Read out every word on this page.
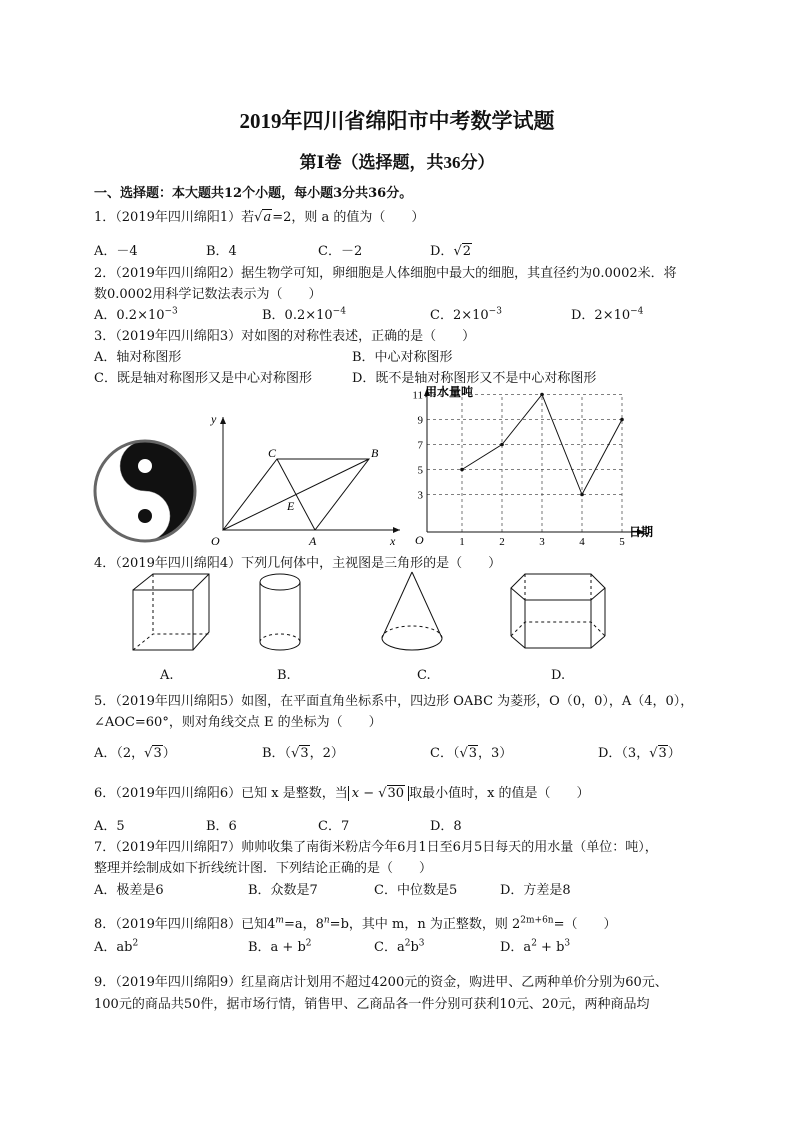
2019年四川省绵阳市中考数学试题
第Ⅰ卷（选择题，共36分）
一、选择题：本大题共12个小题，每小题3分共36分。
1．（2019年四川绵阳1）若√a=2，则 a 的值为（　　）
A．－4	B．4	C．－2	D．√2
2．（2019年四川绵阳2）据生物学可知，卵细胞是人体细胞中最大的细胞，其直径约为0.0002米．将
数0.0002用科学记数法表示为（　　）
A．$0.2\times 10^{-3}$	B．$0.2\times 10^{-4}$	C．$2\times 10^{-3}$	D．$2\times 10^{-4}$
3．（2019年四川绵阳3）对如图的对称性表述，正确的是（　　）
A．轴对称图形	B．中心对称图形
C．既是轴对称图形又是中心对称图形	D．既不是轴对称图形又不是中心对称图形
y
x
O	A
B
C
E
用水量吨
日期
O
3
5
7
9
11
1	2	3	4	5
4．（2019年四川绵阳4）下列几何体中，主视图是三角形的是（　　）
A.	B.	C.	D.
5．（2019年四川绵阳5）如图，在平面直角坐标系中，四边形 OABC 为菱形，O（0，0），A（4，0），
∠AOC=60°，则对角线交点 E 的坐标为（　　）
A．（2，√3）	B．（√3，2）	C．（√3，3）	D．（3，√3）
6．（2019年四川绵阳6）已知 x 是整数，当 x − √30 取最小值时，x 的值是（　　）
A．5	B．6	C．7	D．8
7．（2019年四川绵阳7）帅帅收集了南街米粉店今年6月1日至6月5日每天的用水量（单位：吨），
整理并绘制成如下折线统计图．下列结论正确的是（　　）
A．极差是6	B．众数是7	C．中位数是5	D．方差是8
8．（2019年四川绵阳8）已知$4^m=a$，$8^n=b$，其中 m，n 为正整数，则 $2^{2m+6n}=$（　　）
A．$ab^2$	B．$a + b^2$	C．$a^2b^3$	D．$a^2 + b^3$
9．（2019年四川绵阳9）红星商店计划用不超过4200元的资金，购进甲、乙两种单价分别为60元、
100元的商品共50件，据市场行情，销售甲、乙商品各一件分别可获利10元、20元，两种商品均
